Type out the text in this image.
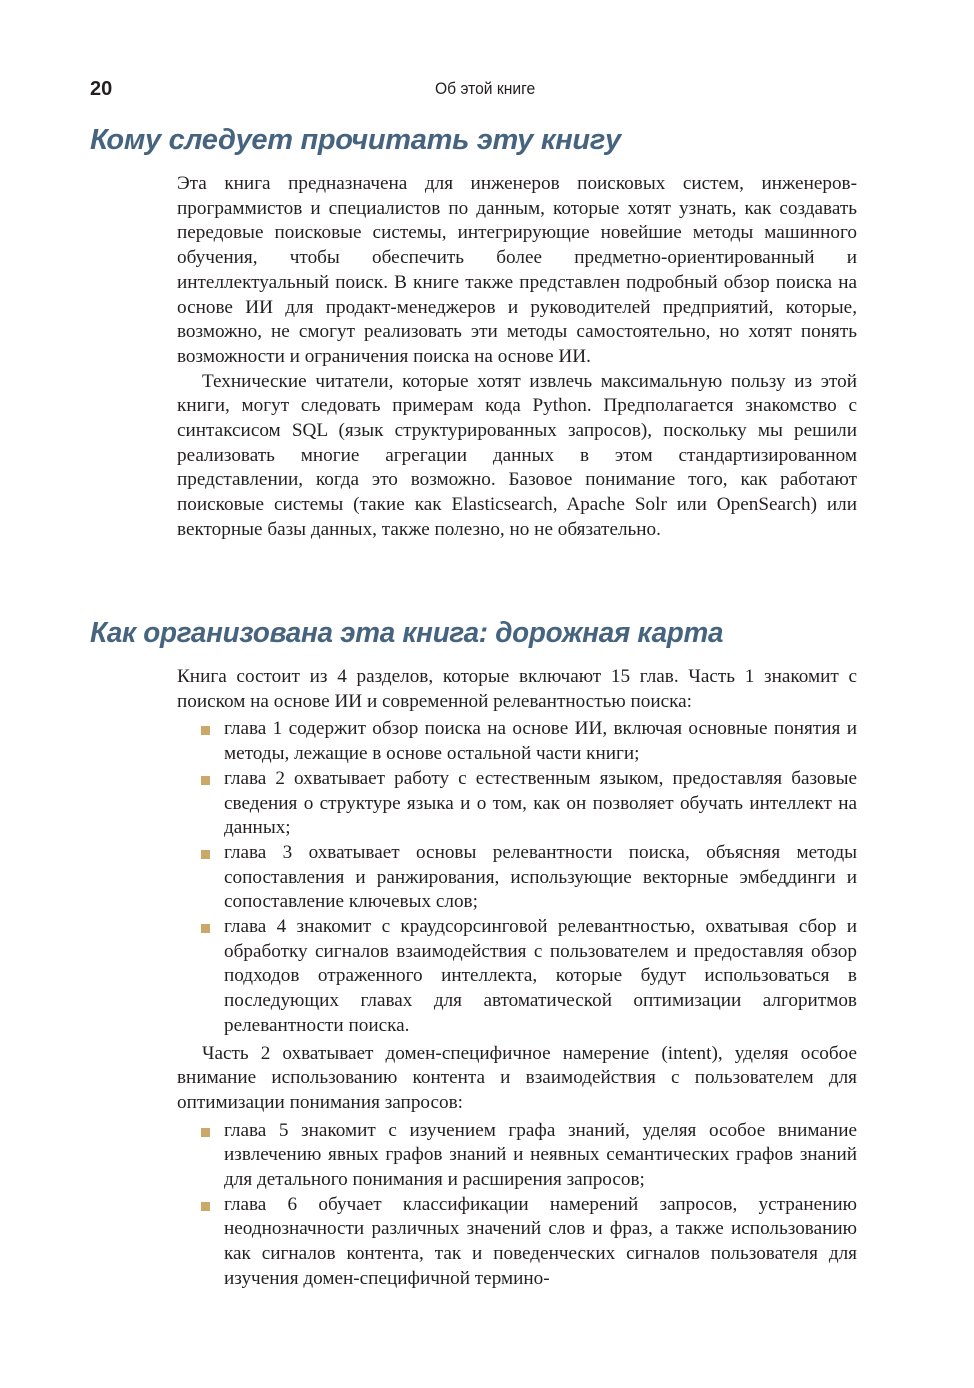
20	Об этой книге
Кому следует прочитать эту книгу

Эта книга предназначена для инженеров поисковых систем, инженеров-программистов и специалистов по данным, которые хотят узнать, как создавать передовые поисковые системы, интегрирующие новейшие методы машинного обучения, чтобы обеспечить более предметно-ориентированный и интеллектуальный поиск. В книге также представлен подробный обзор поиска на основе ИИ для продакт-менеджеров и руководителей предприятий, которые, возможно, не смогут реализовать эти методы самостоятельно, но хотят понять возможности и ограничения поиска на основе ИИ.

Технические читатели, которые хотят извлечь максимальную пользу из этой книги, могут следовать примерам кода Python. Предполагается знакомство с синтаксисом SQL (язык структурированных запросов), поскольку мы решили реализовать многие агрегации данных в этом стандартизированном представлении, когда это возможно. Базовое понимание того, как работают поисковые системы (такие как Elasticsearch, Apache Solr или OpenSearch) или векторные базы данных, также полезно, но не обязательно.

Как организована эта книга: дорожная карта

Книга состоит из 4 разделов, которые включают 15 глав. Часть 1 знакомит с поиском на основе ИИ и современной релевантностью поиска:

глава 1 содержит обзор поиска на основе ИИ, включая основные понятия и методы, лежащие в основе остальной части книги;
глава 2 охватывает работу с естественным языком, предоставляя базовые сведения о структуре языка и о том, как он позволяет обучать интеллект на данных;
глава 3 охватывает основы релевантности поиска, объясняя методы сопоставления и ранжирования, использующие векторные эмбеддинги и сопоставление ключевых слов;
глава 4 знакомит с краудсорсинговой релевантностью, охватывая сбор и обработку сигналов взаимодействия с пользователем и предоставляя обзор подходов отраженного интеллекта, которые будут использоваться в последующих главах для автоматической оптимизации алгоритмов релевантности поиска.

Часть 2 охватывает домен-специфичное намерение (intent), уделяя особое внимание использованию контента и взаимодействия с пользователем для оптимизации понимания запросов:

глава 5 знакомит с изучением графа знаний, уделяя особое внимание извлечению явных графов знаний и неявных семантических графов знаний для детального понимания и расширения запросов;
глава 6 обучает классификации намерений запросов, устранению неоднозначности различных значений слов и фраз, а также использованию как сигналов контента, так и поведенческих сигналов пользователя для изучения домен-специфичной термино-
